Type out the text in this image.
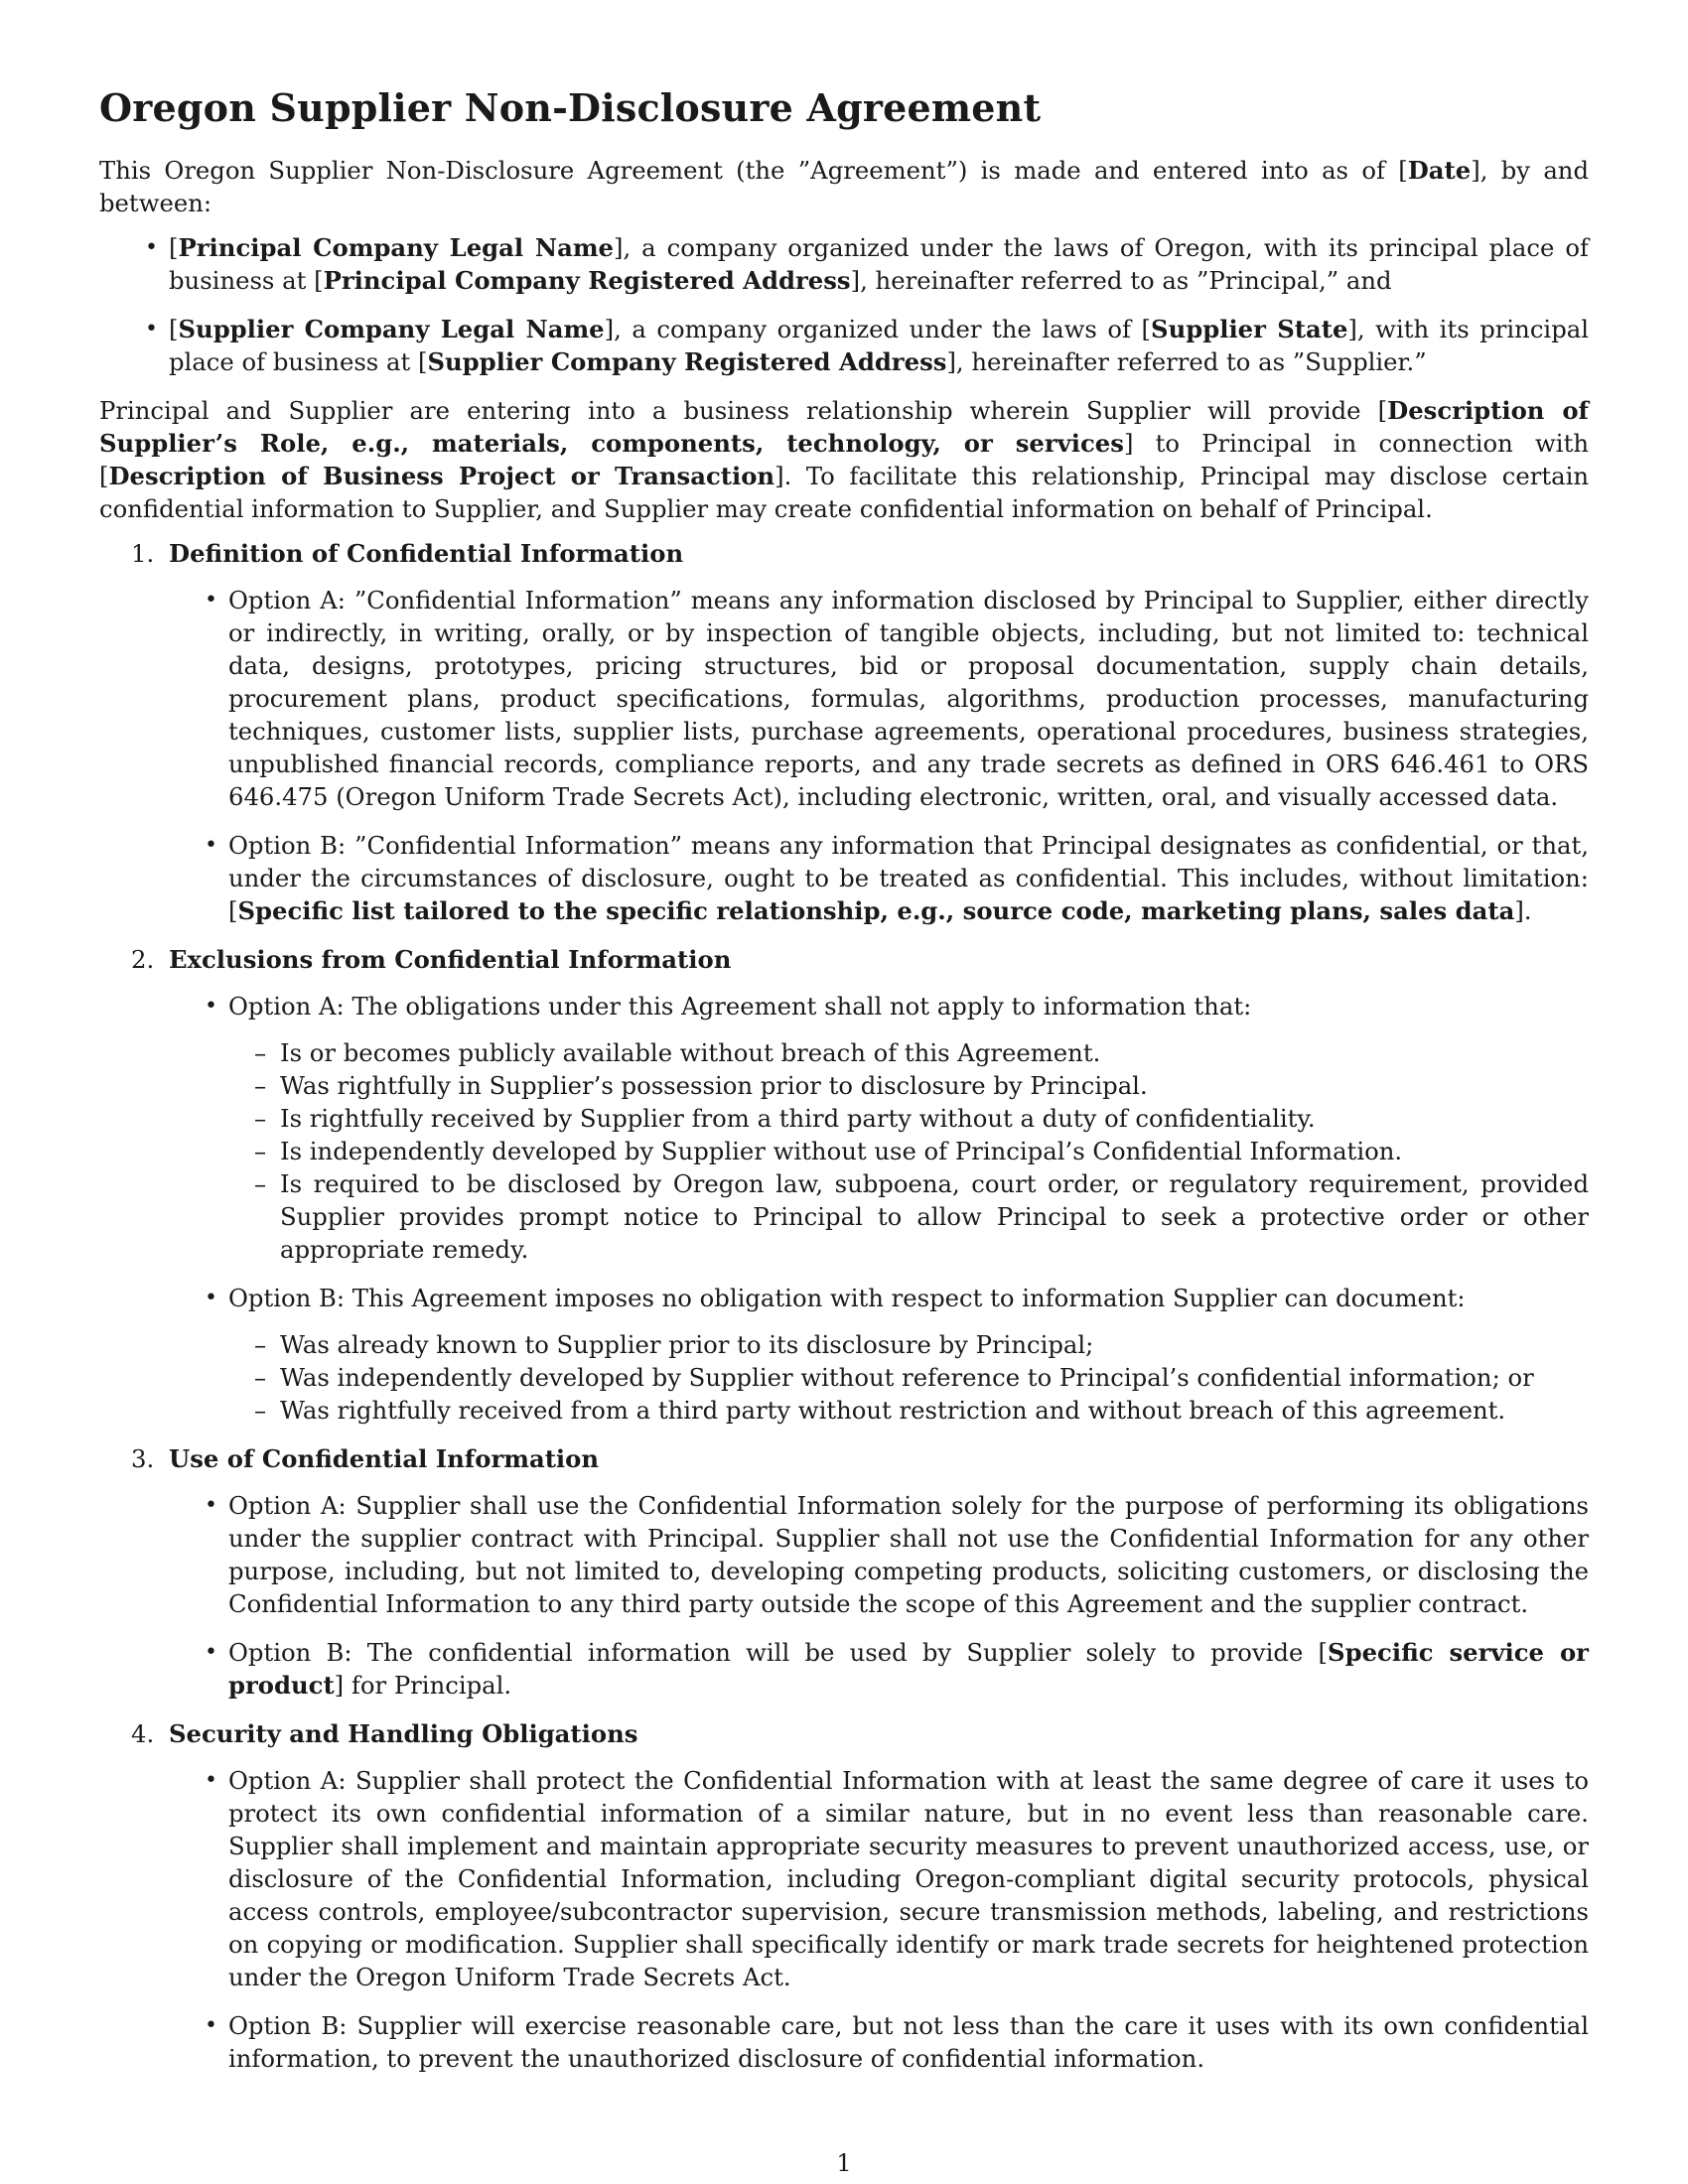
Oregon Supplier Non-Disclosure Agreement

This Oregon Supplier Non-Disclosure Agreement (the ”Agreement”) is made and entered into as of [Date], by and between:

• [Principal Company Legal Name], a company organized under the laws of Oregon, with its principal place of business at [Principal Company Registered Address], hereinafter referred to as ”Principal,” and
• [Supplier Company Legal Name], a company organized under the laws of [Supplier State], with its principal place of business at [Supplier Company Registered Address], hereinafter referred to as ”Supplier.”

Principal and Supplier are entering into a business relationship wherein Supplier will provide [Description of Supplier’s Role, e.g., materials, components, technology, or services] to Principal in connection with [Description of Business Project or Transaction]. To facilitate this relationship, Principal may disclose certain confidential information to Supplier, and Supplier may create confidential information on behalf of Principal.

1. Definition of Confidential Information
• Option A: ”Confidential Information” means any information disclosed by Principal to Supplier, either directly or indirectly, in writing, orally, or by inspection of tangible objects, including, but not limited to: technical data, designs, prototypes, pricing structures, bid or proposal documentation, supply chain details, procurement plans, product specifications, formulas, algorithms, production processes, manufacturing techniques, customer lists, supplier lists, purchase agreements, operational procedures, business strategies, unpublished financial records, compliance reports, and any trade secrets as defined in ORS 646.461 to ORS 646.475 (Oregon Uniform Trade Secrets Act), including electronic, written, oral, and visually accessed data.
• Option B: ”Confidential Information” means any information that Principal designates as confidential, or that, under the circumstances of disclosure, ought to be treated as confidential. This includes, without limitation: [Specific list tailored to the specific relationship, e.g., source code, marketing plans, sales data].
2. Exclusions from Confidential Information
• Option A: The obligations under this Agreement shall not apply to information that:
– Is or becomes publicly available without breach of this Agreement.
– Was rightfully in Supplier’s possession prior to disclosure by Principal.
– Is rightfully received by Supplier from a third party without a duty of confidentiality.
– Is independently developed by Supplier without use of Principal’s Confidential Information.
– Is required to be disclosed by Oregon law, subpoena, court order, or regulatory requirement, provided Supplier provides prompt notice to Principal to allow Principal to seek a protective order or other appropriate remedy.
• Option B: This Agreement imposes no obligation with respect to information Supplier can document:
– Was already known to Supplier prior to its disclosure by Principal;
– Was independently developed by Supplier without reference to Principal’s confidential information; or
– Was rightfully received from a third party without restriction and without breach of this agreement.
3. Use of Confidential Information
• Option A: Supplier shall use the Confidential Information solely for the purpose of performing its obligations under the supplier contract with Principal. Supplier shall not use the Confidential Information for any other purpose, including, but not limited to, developing competing products, soliciting customers, or disclosing the Confidential Information to any third party outside the scope of this Agreement and the supplier contract.
• Option B: The confidential information will be used by Supplier solely to provide [Specific service or product] for Principal.
4. Security and Handling Obligations
• Option A: Supplier shall protect the Confidential Information with at least the same degree of care it uses to protect its own confidential information of a similar nature, but in no event less than reasonable care. Supplier shall implement and maintain appropriate security measures to prevent unauthorized access, use, or disclosure of the Confidential Information, including Oregon-compliant digital security protocols, physical access controls, employee/subcontractor supervision, secure transmission methods, labeling, and restrictions on copying or modification. Supplier shall specifically identify or mark trade secrets for heightened protection under the Oregon Uniform Trade Secrets Act.
• Option B: Supplier will exercise reasonable care, but not less than the care it uses with its own confidential information, to prevent the unauthorized disclosure of confidential information.
1
